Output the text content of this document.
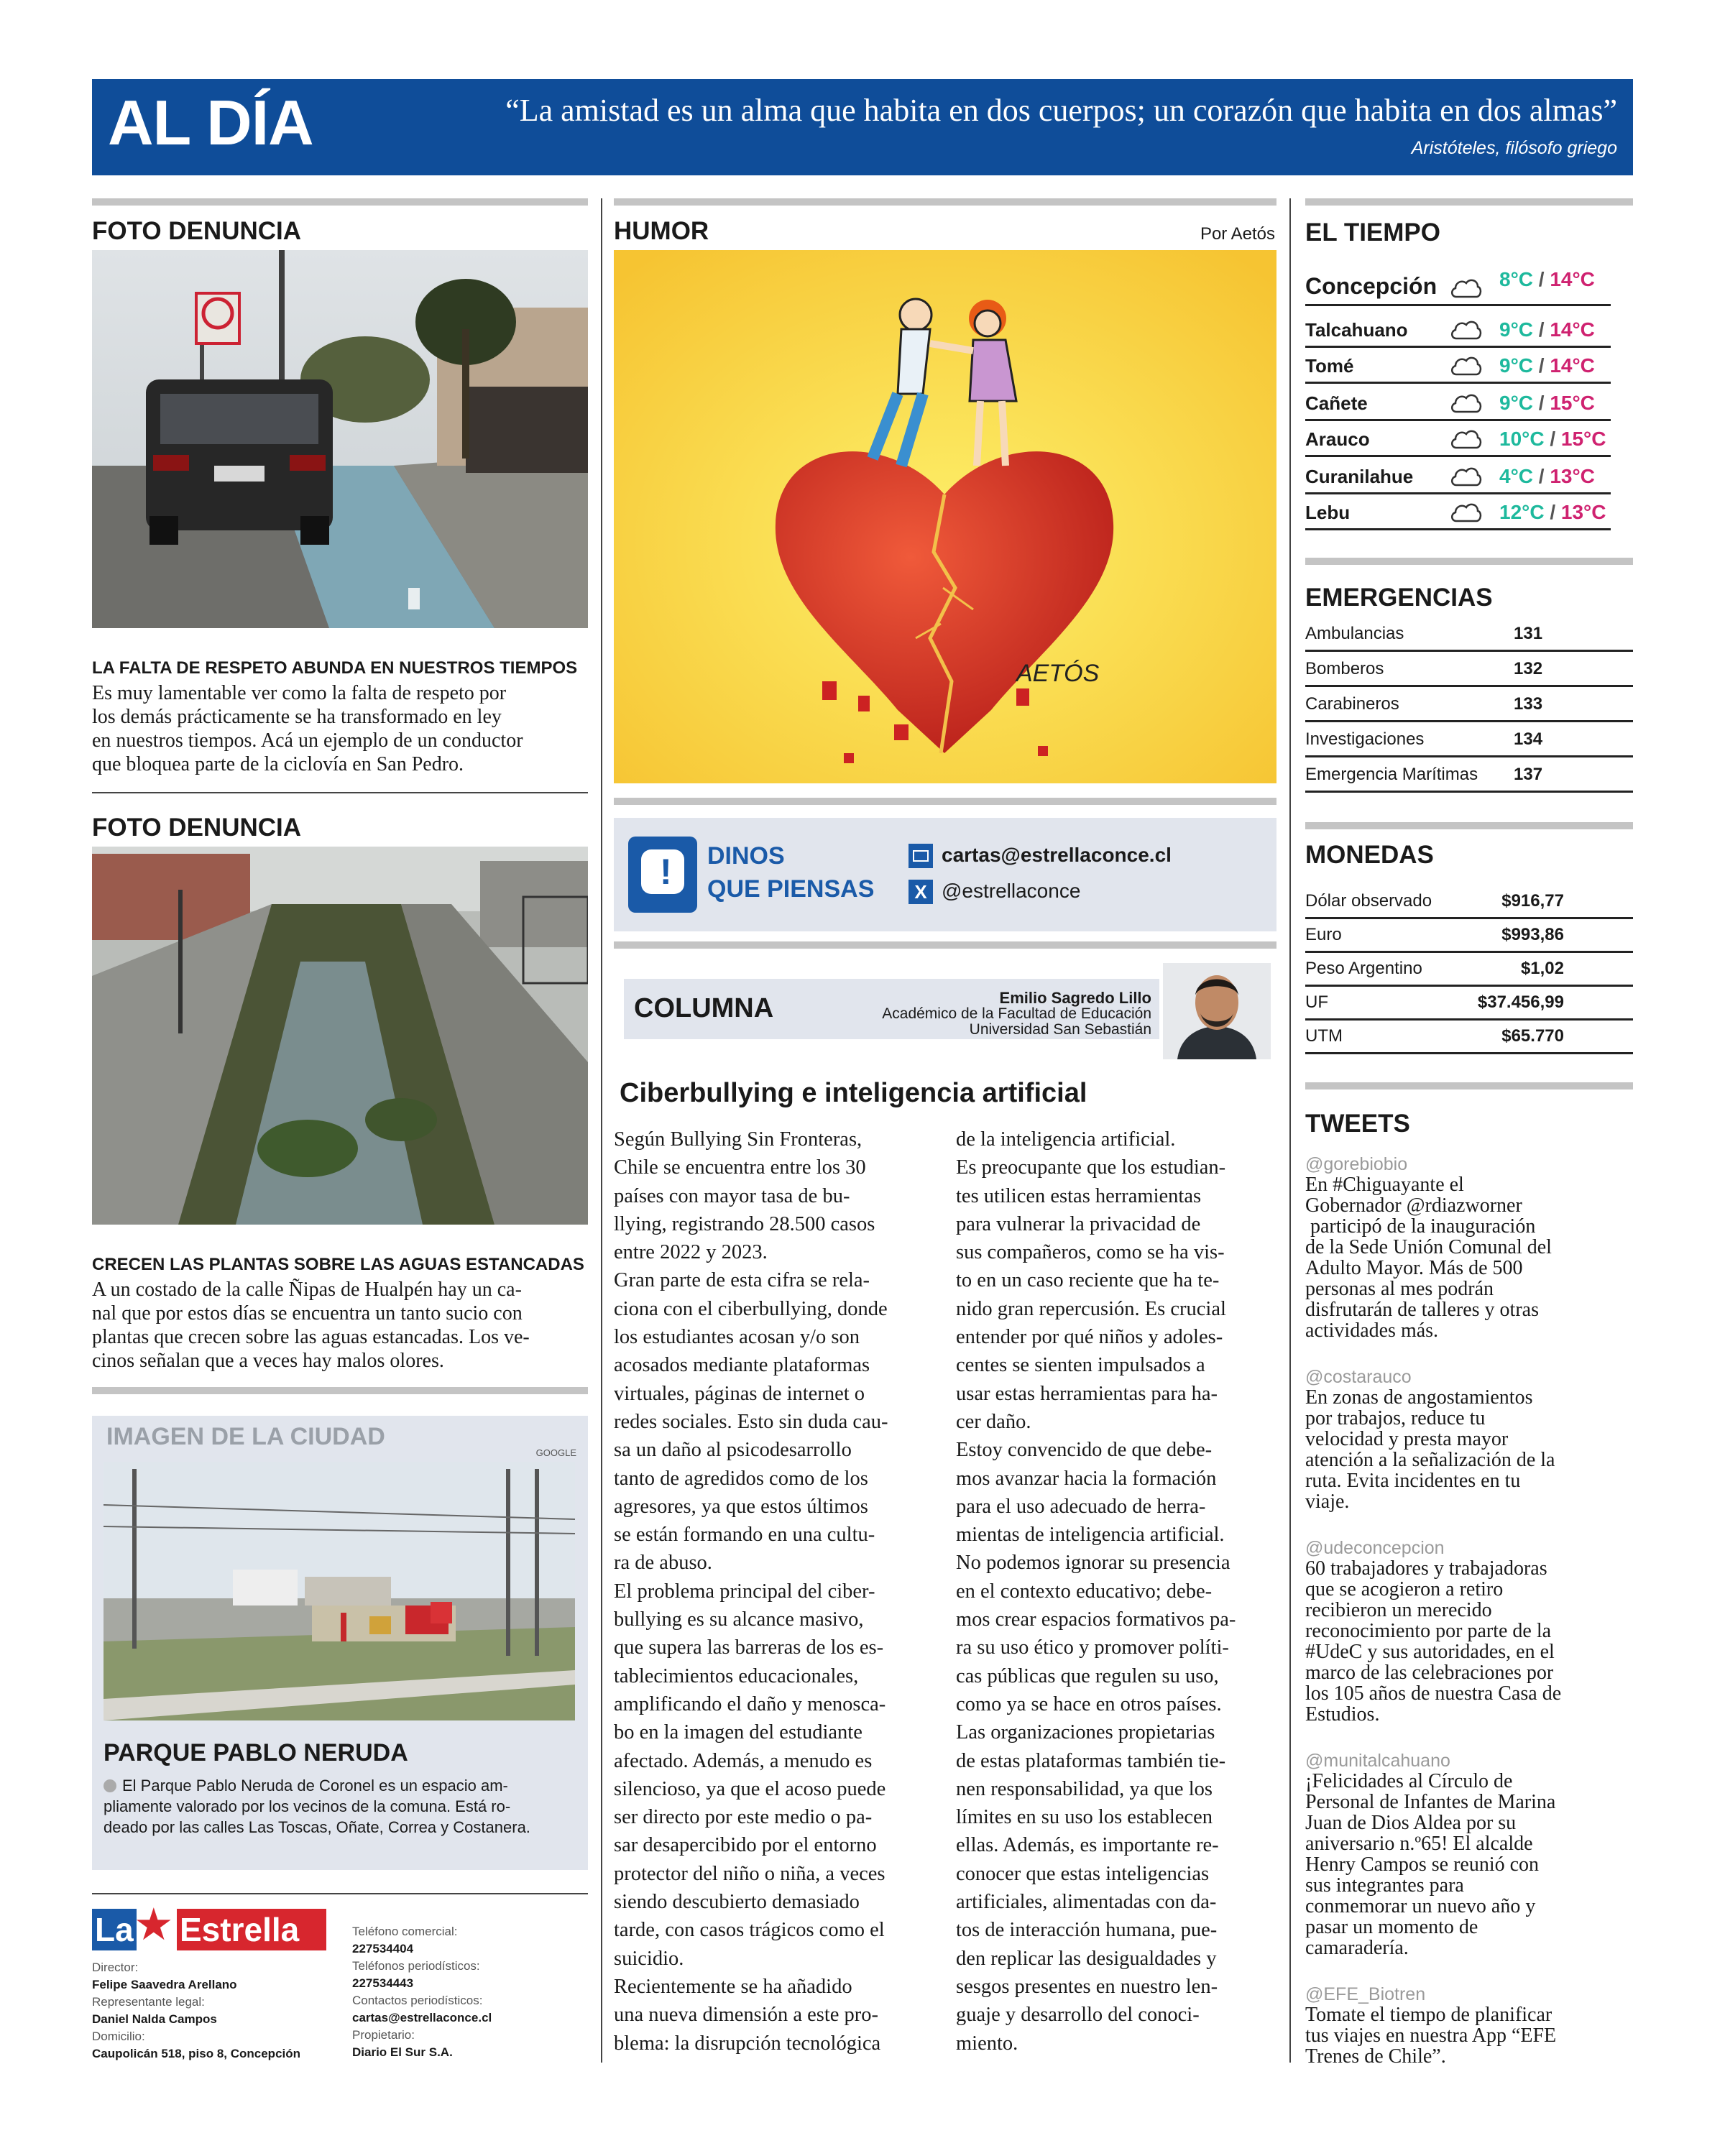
AL DÍA	“La amistad es un alma que habita en dos cuerpos; un corazón que habita en dos almas”
Aristóteles, filósofo griego
FOTO DENUNCIA
LA FALTA DE RESPETO ABUNDA EN NUESTROS TIEMPOS
Es muy lamentable ver como la falta de respeto por
los demás prácticamente se ha transformado en ley
en nuestros tiempos. Acá un ejemplo de un conductor
que bloquea parte de la ciclovía en San Pedro.
FOTO DENUNCIA
CRECEN LAS PLANTAS SOBRE LAS AGUAS ESTANCADAS
A un costado de la calle Ñipas de Hualpén hay un ca-
nal que por estos días se encuentra un tanto sucio con
plantas que crecen sobre las aguas estancadas. Los ve-
cinos señalan que a veces hay malos olores.
IMAGEN DE LA CIUDAD
GOOGLE
PARQUE PABLO NERUDA
El Parque Pablo Neruda de Coronel es un espacio am-
pliamente valorado por los vecinos de la comuna. Está ro-
deado por las calles Las Toscas, Oñate, Correa y Costanera.
La ★ Estrella
Director:
Felipe Saavedra Arellano
Representante legal:
Daniel Naldа Campos
Domicilio:
Caupolicán 518, piso 8, Concepción
Teléfono comercial:
227534404
Teléfonos periodísticos:
227534443
Contactos periodísticos:
cartas@estrellaconce.cl
Propietario:
Diario El Sur S.A.
HUMOR	Por Aetós
AETÓS
! DINOS
QUE PIENSAS
cartas@estrellaconce.cl
X @estrellaconce
COLUMNA	Emilio Sagredo Lillo
Académico de la Facultad de Educación
Universidad San Sebastián
Ciberbullying e inteligencia artificial
Según Bullying Sin Fronteras,
Chile se encuentra entre los 30
países con mayor tasa de bu-
llying, registrando 28.500 casos
entre 2022 y 2023.
Gran parte de esta cifra se rela-
ciona con el ciberbullying, donde
los estudiantes acosan y/o son
acosados mediante plataformas
virtuales, páginas de internet o
redes sociales. Esto sin duda cau-
sa un daño al psicodesarrollo
tanto de agredidos como de los
agresores, ya que estos últimos
se están formando en una cultu-
ra de abuso.
El problema principal del ciber-
bullying es su alcance masivo,
que supera las barreras de los es-
tablecimientos educacionales,
amplificando el daño y menosca-
bo en la imagen del estudiante
afectado. Además, a menudo es
silencioso, ya que el acoso puede
ser directo por este medio o pa-
sar desapercibido por el entorno
protector del niño o niña, a veces
siendo descubierto demasiado
tarde, con casos trágicos como el
suicidio.
Recientemente se ha añadido
una nueva dimensión a este pro-
blema: la disrupción tecnológica
de la inteligencia artificial.
Es preocupante que los estudian-
tes utilicen estas herramientas
para vulnerar la privacidad de
sus compañeros, como se ha vis-
to en un caso reciente que ha te-
nido gran repercusión. Es crucial
entender por qué niños y adoles-
centes se sienten impulsados a
usar estas herramientas para ha-
cer daño.
Estoy convencido de que debe-
mos avanzar hacia la formación
para el uso adecuado de herra-
mientas de inteligencia artificial.
No podemos ignorar su presencia
en el contexto educativo; debe-
mos crear espacios formativos pa-
ra su uso ético y promover políti-
cas públicas que regulen su uso,
como ya se hace en otros países.
Las organizaciones propietarias
de estas plataformas también tie-
nen responsabilidad, ya que los
límites en su uso los establecen
ellas. Además, es importante re-
conocer que estas inteligencias
artificiales, alimentadas con da-
tos de interacción humana, pue-
den replicar las desigualdades y
sesgos presentes en nuestro len-
guaje y desarrollo del conoci-
miento.
EL TIEMPO
Concepción	8°C / 14°C
Talcahuano	9°C / 14°C
Tomé	9°C / 14°C
Cañete	9°C / 15°C
Arauco	10°C / 15°C
Curanilahue	4°C / 13°C
Lebu	12°C / 13°C
EMERGENCIAS
Ambulancias	131
Bomberos	132
Carabineros	133
Investigaciones	134
Emergencia Marítimas 137
MONEDAS
Dólar observado	$916,77
Euro	$993,86
Peso Argentino	$1,02
UF	$37.456,99
UTM	$65.770
TWEETS
@gorebiobio
En #Chiguayante el
Gobernador @rdiazworner
participó de la inauguración
de la Sede Unión Comunal del
Adulto Mayor. Más de 500
personas al mes podrán
disfrutarán de talleres y otras
actividades más.
@costarauco
En zonas de angostamientos
por trabajos, reduce tu
velocidad y presta mayor
atención a la señalización de la
ruta. Evita incidentes en tu
viaje.
@udeconcepcion
60 trabajadores y trabajadoras
que se acogieron a retiro
recibieron un merecido
reconocimiento por parte de la
#UdeC y sus autoridades, en el
marco de las celebraciones por
los 105 años de nuestra Casa de
Estudios.
@munitalcahuano
¡Felicidades al Círculo de
Personal de Infantes de Marina
Juan de Dios Aldea por su
aniversario n.º65! El alcalde
Henry Campos se reunió con
sus integrantes para
conmemorar un nuevo año y
pasar un momento de
camaradería.
@EFE_Biotren
Tomate el tiempo de planificar
tus viajes en nuestra App “EFE
Trenes de Chile”.
